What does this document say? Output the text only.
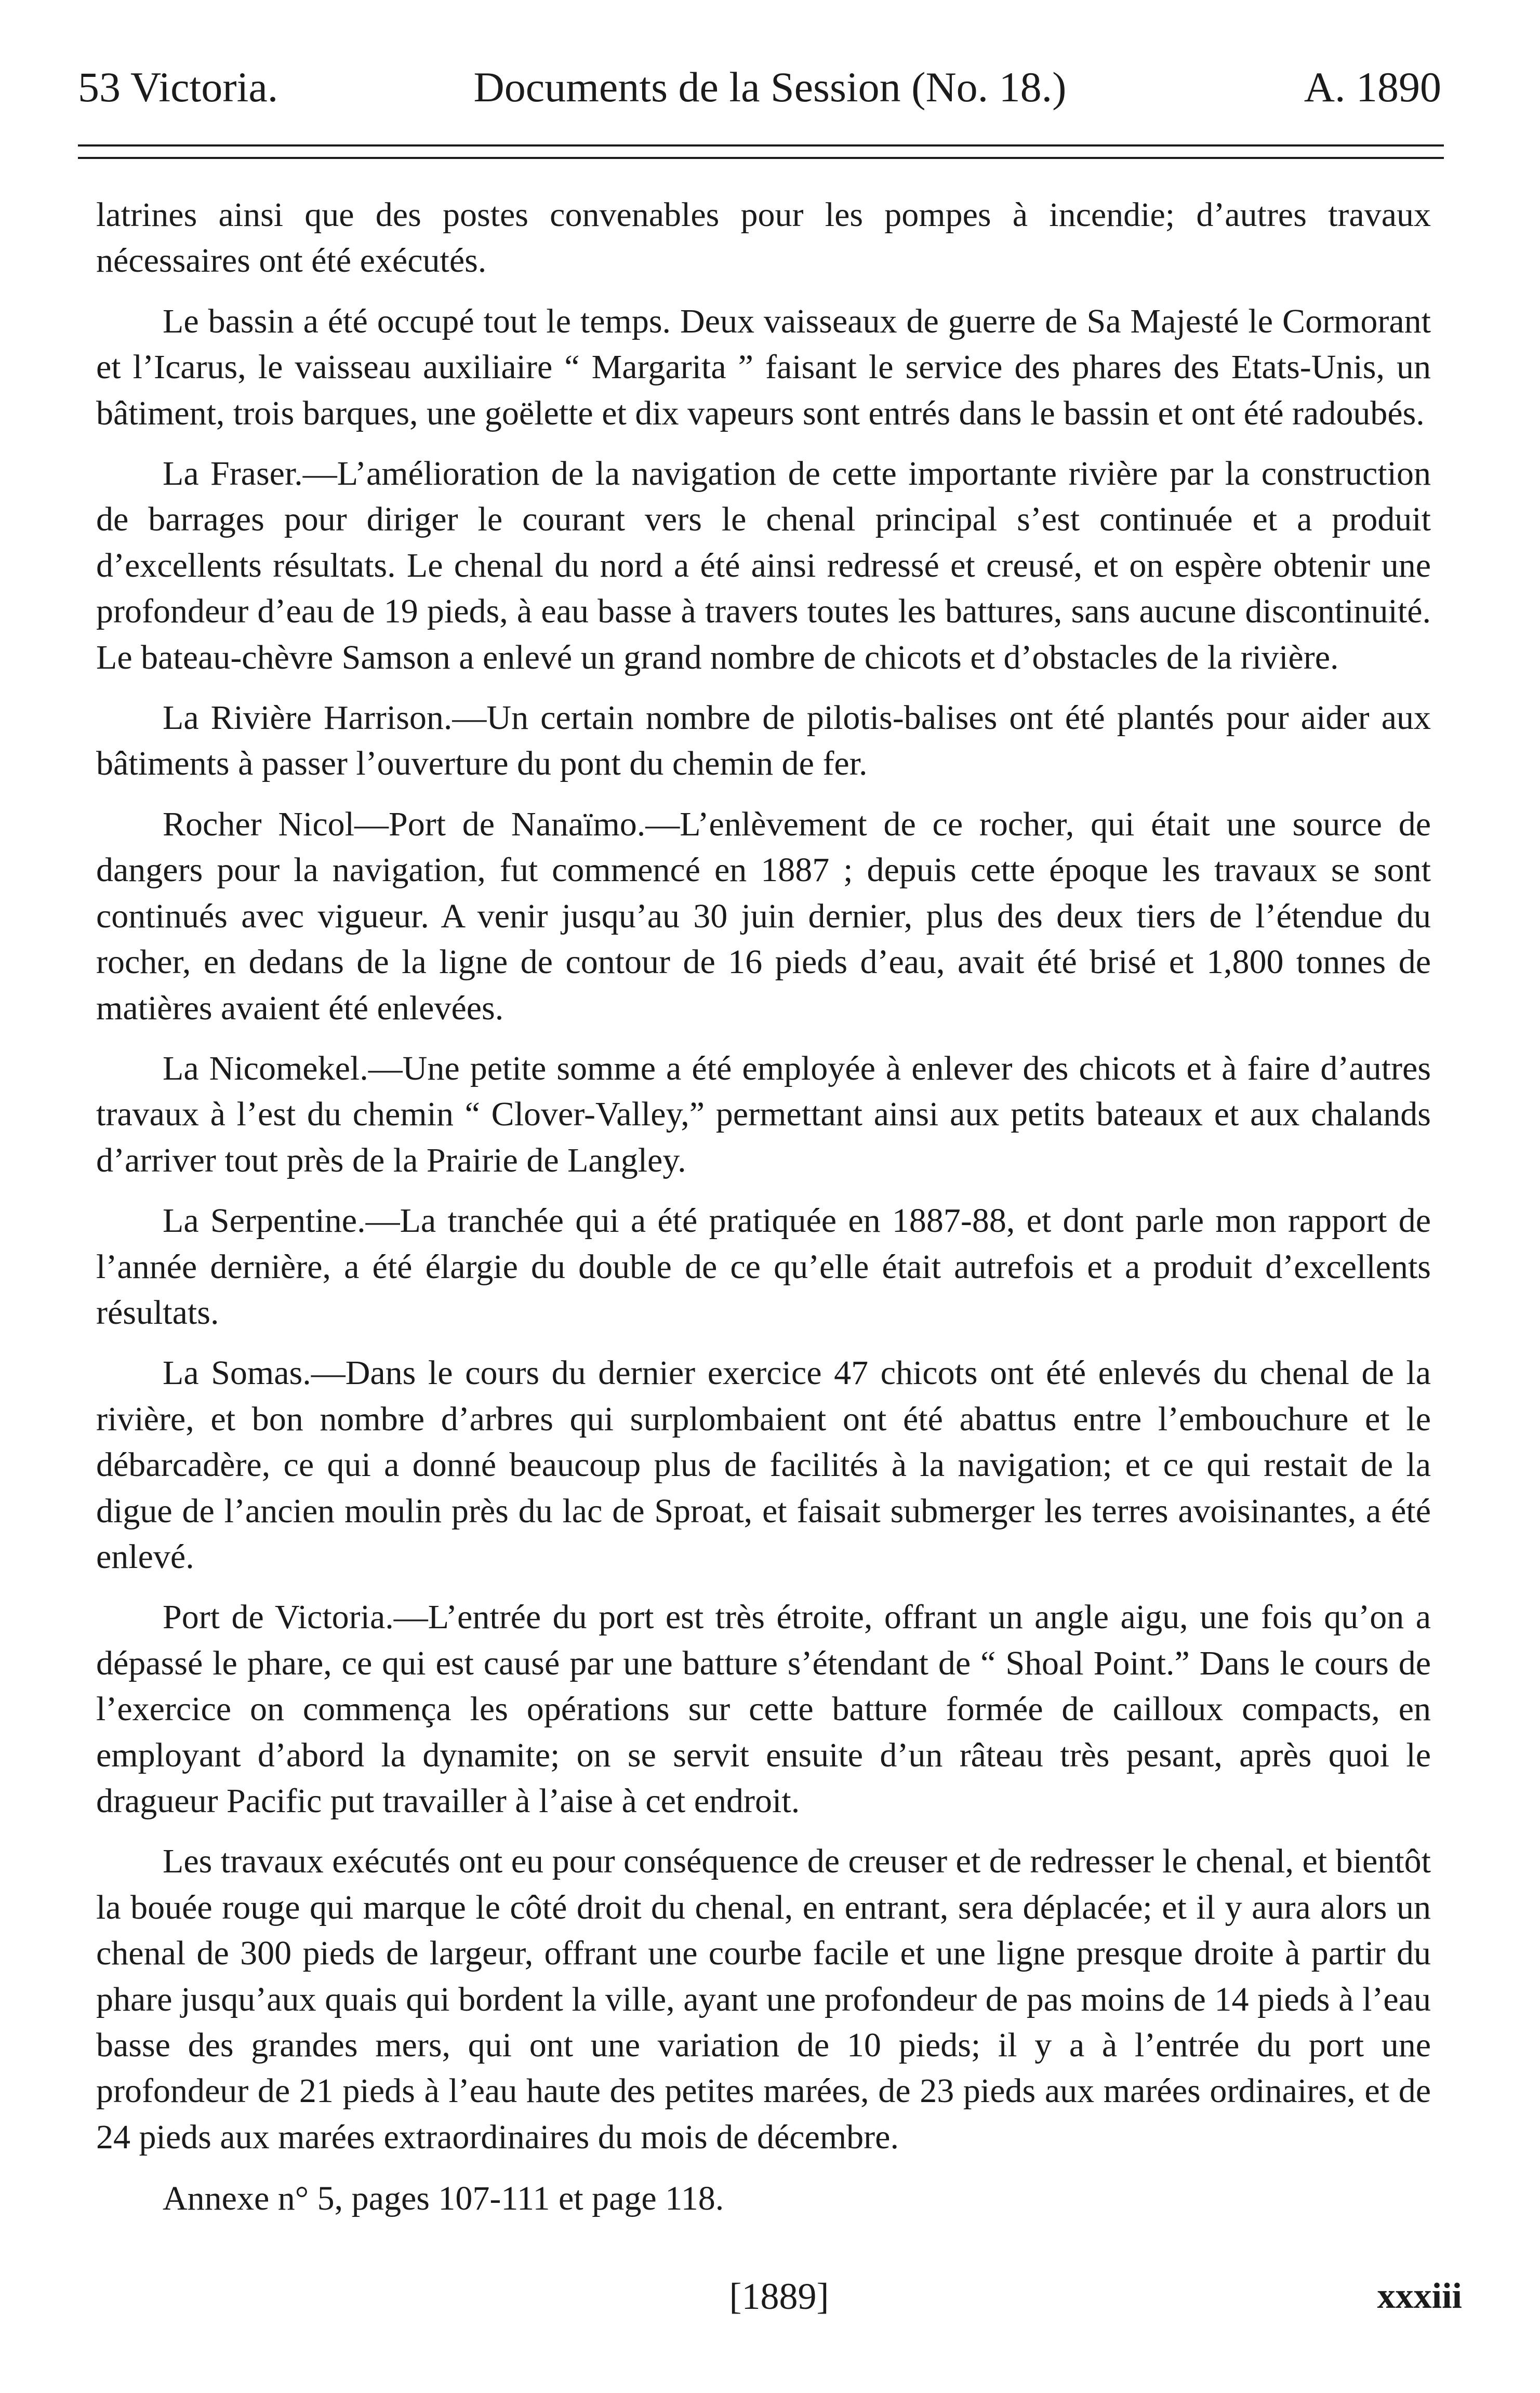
53 Victoria.	Documents de la Session (No. 18.)	A. 1890

latrines ainsi que des postes convenables pour les pompes à incendie; d’autres travaux nécessaires ont été exécutés.

Le bassin a été occupé tout le temps. Deux vaisseaux de guerre de Sa Majesté le Cormorant et l’Icarus, le vaisseau auxiliaire “ Margarita ” faisant le service des phares des Etats-Unis, un bâtiment, trois barques, une goëlette et dix vapeurs sont entrés dans le bassin et ont été radoubés.

La Fraser.—L’amélioration de la navigation de cette importante rivière par la construction de barrages pour diriger le courant vers le chenal principal s’est continuée et a produit d’excellents résultats. Le chenal du nord a été ainsi redressé et creusé, et on espère obtenir une profondeur d’eau de 19 pieds, à eau basse à travers toutes les battures, sans aucune discontinuité. Le bateau-chèvre Samson a enlevé un grand nombre de chicots et d’obstacles de la rivière.

La Rivière Harrison.—Un certain nombre de pilotis-balises ont été plantés pour aider aux bâtiments à passer l’ouverture du pont du chemin de fer.

Rocher Nicol—Port de Nanaïmo.—L’enlèvement de ce rocher, qui était une source de dangers pour la navigation, fut commencé en 1887 ; depuis cette époque les travaux se sont continués avec vigueur. A venir jusqu’au 30 juin dernier, plus des deux tiers de l’étendue du rocher, en dedans de la ligne de contour de 16 pieds d’eau, avait été brisé et 1,800 tonnes de matières avaient été enlevées.

La Nicomekel.—Une petite somme a été employée à enlever des chicots et à faire d’autres travaux à l’est du chemin “ Clover-Valley,” permettant ainsi aux petits bateaux et aux chalands d’arriver tout près de la Prairie de Langley.

La Serpentine.—La tranchée qui a été pratiquée en 1887-88, et dont parle mon rapport de l’année dernière, a été élargie du double de ce qu’elle était autrefois et a produit d’excellents résultats.

La Somas.—Dans le cours du dernier exercice 47 chicots ont été enlevés du chenal de la rivière, et bon nombre d’arbres qui surplombaient ont été abattus entre l’embouchure et le débarcadère, ce qui a donné beaucoup plus de facilités à la navigation; et ce qui restait de la digue de l’ancien moulin près du lac de Sproat, et faisait submerger les terres avoisinantes, a été enlevé.

Port de Victoria.—L’entrée du port est très étroite, offrant un angle aigu, une fois qu’on a dépassé le phare, ce qui est causé par une batture s’étendant de “ Shoal Point.” Dans le cours de l’exercice on commença les opérations sur cette batture formée de cailloux compacts, en employant d’abord la dynamite; on se servit ensuite d’un râteau très pesant, après quoi le dragueur Pacific put travailler à l’aise à cet endroit.

Les travaux exécutés ont eu pour conséquence de creuser et de redresser le chenal, et bientôt la bouée rouge qui marque le côté droit du chenal, en entrant, sera déplacée; et il y aura alors un chenal de 300 pieds de largeur, offrant une courbe facile et une ligne presque droite à partir du phare jusqu’aux quais qui bordent la ville, ayant une profondeur de pas moins de 14 pieds à l’eau basse des grandes mers, qui ont une variation de 10 pieds; il y a à l’entrée du port une profondeur de 21 pieds à l’eau haute des petites marées, de 23 pieds aux marées ordinaires, et de 24 pieds aux marées extraordinaires du mois de décembre.

Annexe n° 5, pages 107-111 et page 118.

[1889]	xxxiii
